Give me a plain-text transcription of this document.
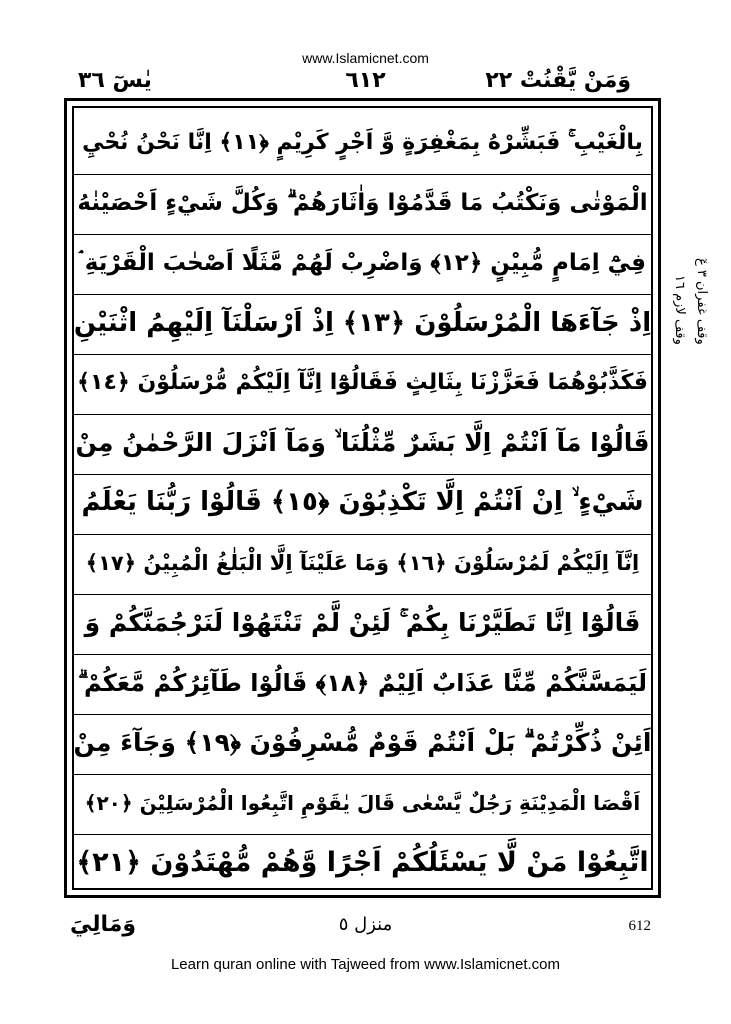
www.Islamicnet.com
يٰسٓ ٣٦	٦١٢	وَمَنْ يَّقْنُتْ ٢٢
بِالْغَيْبِ ۚ فَبَشِّرْهُ بِمَغْفِرَةٍ وَّ اَجْرٍ كَرِيْمٍ ﴿١١﴾ اِنَّا نَحْنُ نُحْيِ
الْمَوْتٰى وَنَكْتُبُ مَا قَدَّمُوْا وَاٰثَارَهُمْ ۗ وَكُلَّ شَيْءٍ اَحْصَيْنٰهُ
فِيْٓ اِمَامٍ مُّبِيْنٍ ﴿١٢﴾ وَاضْرِبْ لَهُمْ مَّثَلًا اَصْحٰبَ الْقَرْيَةِ ۘ
اِذْ جَآءَهَا الْمُرْسَلُوْنَ ﴿١٣﴾ اِذْ اَرْسَلْنَآ اِلَيْهِمُ اثْنَيْنِ
فَكَذَّبُوْهُمَا فَعَزَّزْنَا بِثَالِثٍ فَقَالُوْٓا اِنَّآ اِلَيْكُمْ مُّرْسَلُوْنَ ﴿١٤﴾
قَالُوْا مَآ اَنْتُمْ اِلَّا بَشَرٌ مِّثْلُنَا ۙ وَمَآ اَنْزَلَ الرَّحْمٰنُ مِنْ
شَيْءٍ ۙ اِنْ اَنْتُمْ اِلَّا تَكْذِبُوْنَ ﴿١٥﴾ قَالُوْا رَبُّنَا يَعْلَمُ
اِنَّآ اِلَيْكُمْ لَمُرْسَلُوْنَ ﴿١٦﴾ وَمَا عَلَيْنَآ اِلَّا الْبَلٰغُ الْمُبِيْنُ ﴿١٧﴾
قَالُوْٓا اِنَّا تَطَيَّرْنَا بِكُمْ ۚ لَئِنْ لَّمْ تَنْتَهُوْا لَنَرْجُمَنَّكُمْ وَ
لَيَمَسَّنَّكُمْ مِّنَّا عَذَابٌ اَلِيْمٌ ﴿١٨﴾ قَالُوْا طَآئِرُكُمْ مَّعَكُمْ ۗ
اَئِنْ ذُكِّرْتُمْ ۗ بَلْ اَنْتُمْ قَوْمٌ مُّسْرِفُوْنَ ﴿١٩﴾ وَجَآءَ مِنْ
اَقْصَا الْمَدِيْنَةِ رَجُلٌ يَّسْعٰى قَالَ يٰقَوْمِ اتَّبِعُوا الْمُرْسَلِيْنَ ﴿٢٠﴾
اتَّبِعُوْا مَنْ لَّا يَسْئَلُكُمْ اَجْرًا وَّهُمْ مُّهْتَدُوْنَ ﴿٢١﴾
وقف غفران ٣ عٓ
وقف لازم ١٦
وَمَالِيَ	منزل ٥	612
Learn quran online with Tajweed from www.Islamicnet.com
